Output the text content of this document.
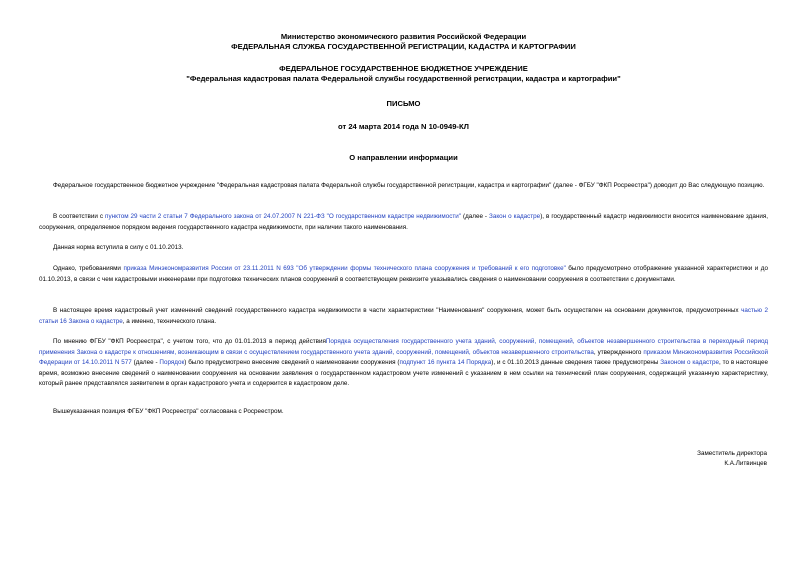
Министерство экономического развития Российской Федерации
ФЕДЕРАЛЬНАЯ СЛУЖБА ГОСУДАРСТВЕННОЙ РЕГИСТРАЦИИ, КАДАСТРА И КАРТОГРАФИИ
ФЕДЕРАЛЬНОЕ ГОСУДАРСТВЕННОЕ БЮДЖЕТНОЕ УЧРЕЖДЕНИЕ
"Федеральная кадастровая палата Федеральной службы государственной регистрации, кадастра и картографии"
ПИСЬМО
от 24 марта 2014 года N 10-0949-КЛ
О направлении информации
Федеральное государственное бюджетное учреждение "Федеральная кадастровая палата Федеральной службы государственной регистрации, кадастра и картографии" (далее - ФГБУ "ФКП Росреестра") доводит до Вас следующую позицию.
В соответствии с пунктом 29 части 2 статьи 7 Федерального закона от 24.07.2007 N 221-ФЗ "О государственном кадастре недвижимости" (далее - Закон о кадастре), в государственный кадастр недвижимости вносится наименование здания, сооружения, определяемое порядком ведения государственного кадастра недвижимости, при наличии такого наименования.
Данная норма вступила в силу с 01.10.2013.
Однако, требованиями приказа Минэкономразвития России от 23.11.2011 N 693 "Об утверждении формы технического плана сооружения и требований к его подготовке" было предусмотрено отображение указанной характеристики и до 01.10.2013, в связи с чем кадастровыми инженерами при подготовке технических планов сооружений в соответствующем реквизите указывались сведения о наименовании сооружения в соответствии с документами.
В настоящее время кадастровый учет изменений сведений государственного кадастра недвижимости в части характеристики "Наименования" сооружения, может быть осуществлен на основании документов, предусмотренных частью 2 статьи 16 Закона о кадастре, а именно, технического плана.
По мнению ФГБУ "ФКП Росреестра", с учетом того, что до 01.01.2013 в период действияПорядка осуществления государственного учета зданий, сооружений, помещений, объектов незавершенного строительства в переходный период применения Закона о кадастре к отношениям, возникающим в связи с осуществлением государственного учета зданий, сооружений, помещений, объектов незавершенного строительства, утвержденного приказом Минэкономразвития Российской Федерации от 14.10.2011 N 577 (далее - Порядок) было предусмотрено внесение сведений о наименовании сооружения (подпункт 16 пункта 14 Порядка), и с 01.10.2013 данные сведения также предусмотрены Законом о кадастре, то в настоящее время, возможно внесение сведений о наименовании сооружения на основании заявления о государственном кадастровом учете изменений с указанием в нем ссылки на технический план сооружения, содержащий указанную характеристику, который ранее представлялся заявителем в орган кадастрового учета и содержится в кадастровом деле.
Вышеуказанная позиция ФГБУ "ФКП Росреестра" согласована с Росреестром.
Заместитель директора
К.А.Литвинцев
